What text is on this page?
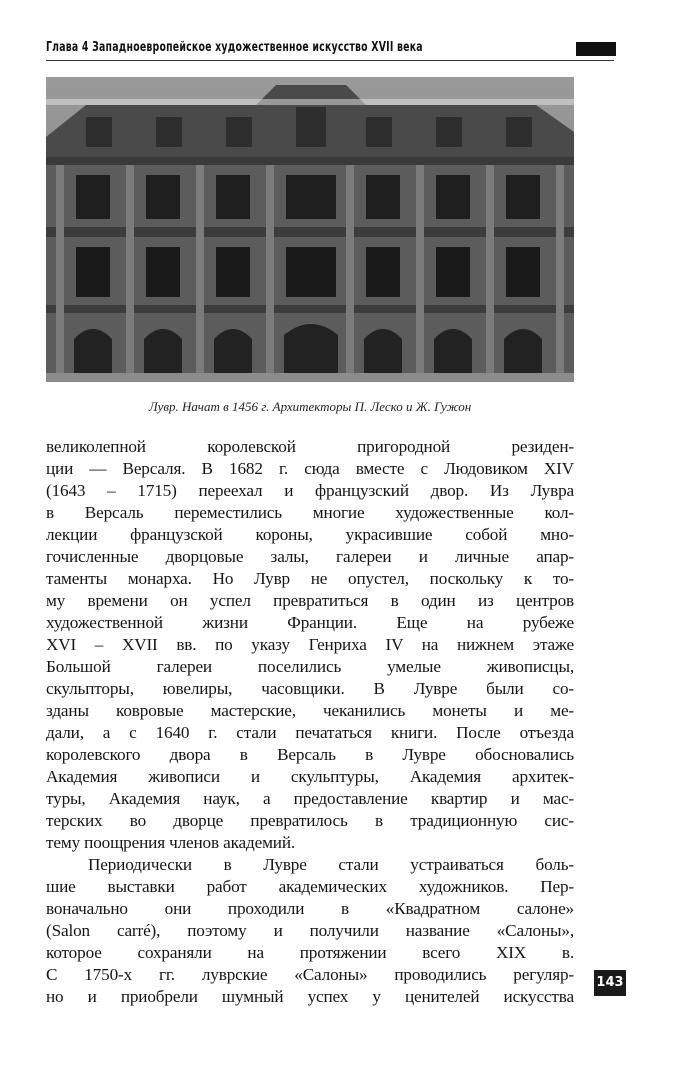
Глава 4 Западноевропейское художественное искусство XVII века
Лувр. Начат в 1456 г. Архитекторы П. Леско и Ж. Гужон
великолепной королевской пригородной резиден-
ции — Версаля. В 1682 г. сюда вместе с Людовиком XIV
(1643 – 1715) переехал и французский двор. Из Лувра
в Версаль переместились многие художественные кол-
лекции французской короны, украсившие собой мно-
гочисленные дворцовые залы, галереи и личные апар-
таменты монарха. Но Лувр не опустел, поскольку к то-
му времени он успел превратиться в один из центров
художественной жизни Франции. Еще на рубеже
XVI – XVII вв. по указу Генриха IV на нижнем этаже
Большой галереи поселились умелые живописцы,
скульпторы, ювелиры, часовщики. В Лувре были со-
зданы ковровые мастерские, чеканились монеты и ме-
дали, а с 1640 г. стали печататься книги. После отъезда
королевского двора в Версаль в Лувре обосновались
Академия живописи и скульптуры, Академия архитек-
туры, Академия наук, а предоставление квартир и мас-
терских во дворце превратилось в традиционную сис-
тему поощрения членов академий.
Периодически в Лувре стали устраиваться боль-
шие выставки работ академических художников. Пер-
воначально они проходили в «Квадратном салоне»
(Salon carré), поэтому и получили название «Салоны»,
которое сохраняли на протяжении всего XIX в.
С 1750-х гг. луврские «Салоны» проводились регуляр-
но и приобрели шумный успех у ценителей искусства
143
